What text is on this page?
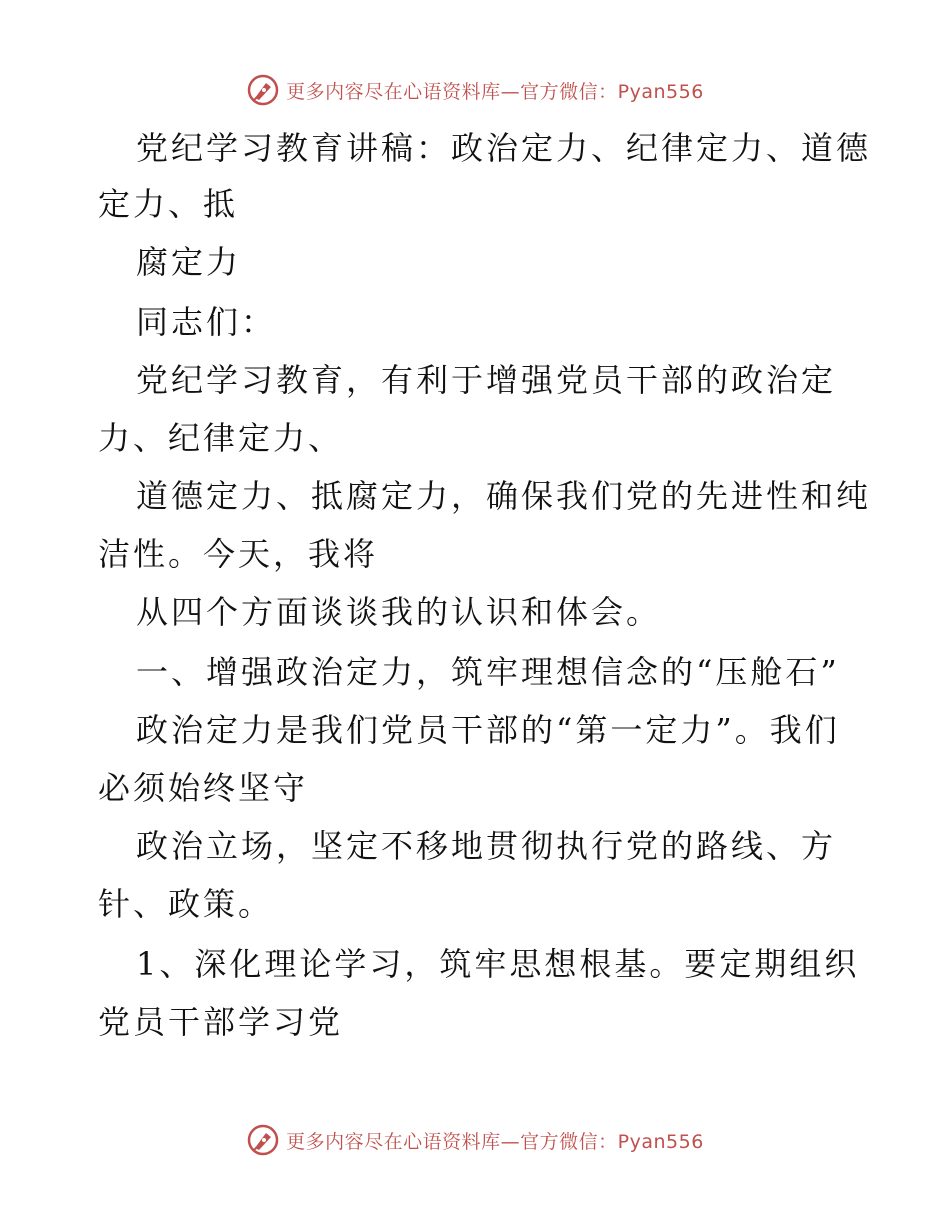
更多内容尽在心语资料库—官方微信：Pyan556
党纪学习教育讲稿：政治定力、纪律定力、道德
定力、抵
腐定力
同志们：
党纪学习教育，有利于增强党员干部的政治定
力、纪律定力、
道德定力、抵腐定力，确保我们党的先进性和纯
洁性。今天，我将
从四个方面谈谈我的认识和体会。
一、增强政治定力，筑牢理想信念的“压舱石”
政治定力是我们党员干部的“第一定力”。我们
必须始终坚守
政治立场，坚定不移地贯彻执行党的路线、方
针、政策。
1、深化理论学习，筑牢思想根基。要定期组织
党员干部学习党
更多内容尽在心语资料库—官方微信：Pyan556
